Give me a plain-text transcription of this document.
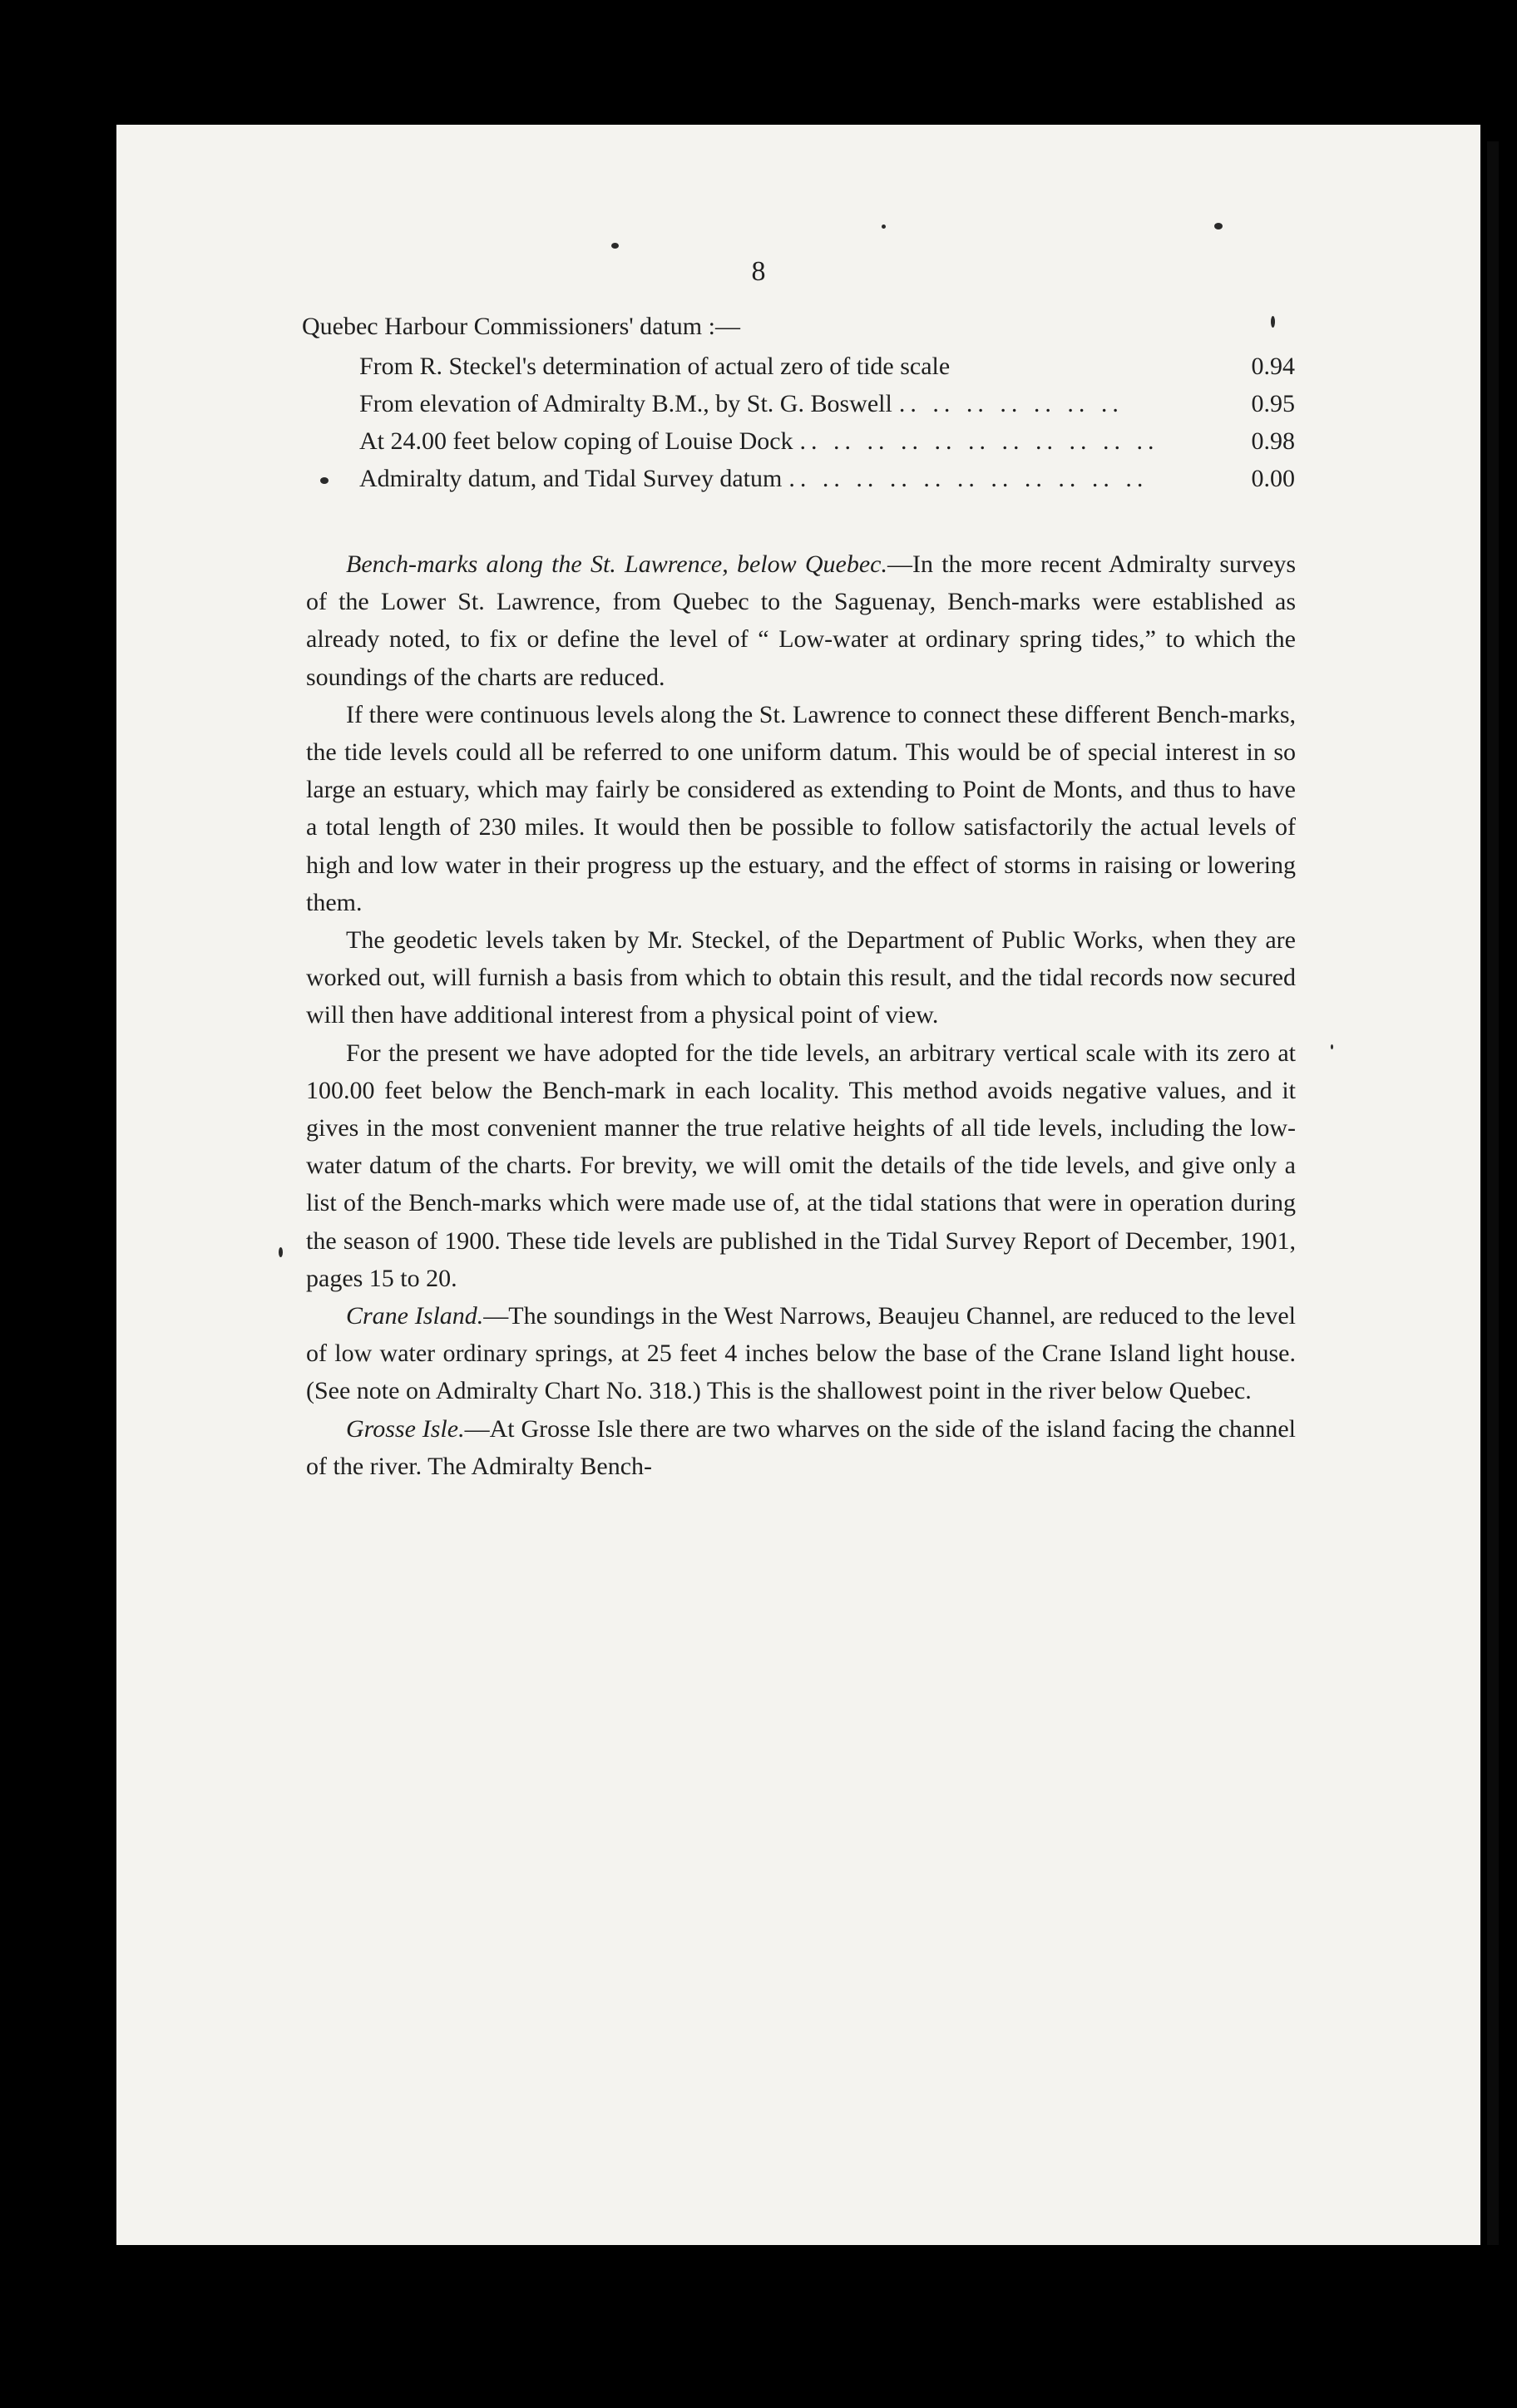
8
Quebec Harbour Commissioners' datum :—
From R. Steckel's determination of actual zero of tide scale	0.94
From elevation of Admiralty B.M., by St. G. Boswell .. .. .. .. .. .. ..	0.95
At 24.00 feet below coping of Louise Dock .. .. .. .. .. .. .. .. .. .. ..	0.98
Admiralty datum, and Tidal Survey datum .. .. .. .. .. .. .. .. .. .. ..	0.00

Bench-marks along the St. Lawrence, below Quebec.—In the more recent Admiralty surveys of the Lower St. Lawrence, from Quebec to the Saguenay, Bench-marks were established as already noted, to fix or define the level of “ Low-water at ordinary spring tides,” to which the soundings of the charts are reduced.

If there were continuous levels along the St. Lawrence to connect these different Bench-marks, the tide levels could all be referred to one uniform datum. This would be of special interest in so large an estuary, which may fairly be considered as extending to Point de Monts, and thus to have a total length of 230 miles. It would then be possible to follow satisfactorily the actual levels of high and low water in their progress up the estuary, and the effect of storms in raising or lowering them.

The geodetic levels taken by Mr. Steckel, of the Department of Public Works, when they are worked out, will furnish a basis from which to obtain this result, and the tidal records now secured will then have additional interest from a physical point of view.

For the present we have adopted for the tide levels, an arbitrary vertical scale with its zero at 100.00 feet below the Bench-mark in each locality. This method avoids negative values, and it gives in the most convenient manner the true relative heights of all tide levels, including the low-water datum of the charts. For brevity, we will omit the details of the tide levels, and give only a list of the Bench-marks which were made use of, at the tidal stations that were in operation during the season of 1900. These tide levels are published in the Tidal Survey Report of December, 1901, pages 15 to 20.

Crane Island.—The soundings in the West Narrows, Beaujeu Channel, are reduced to the level of low water ordinary springs, at 25 feet 4 inches below the base of the Crane Island light house. (See note on Admiralty Chart No. 318.) This is the shallowest point in the river below Quebec.

Grosse Isle.—At Grosse Isle there are two wharves on the side of the island facing the channel of the river. The Admiralty Bench-
